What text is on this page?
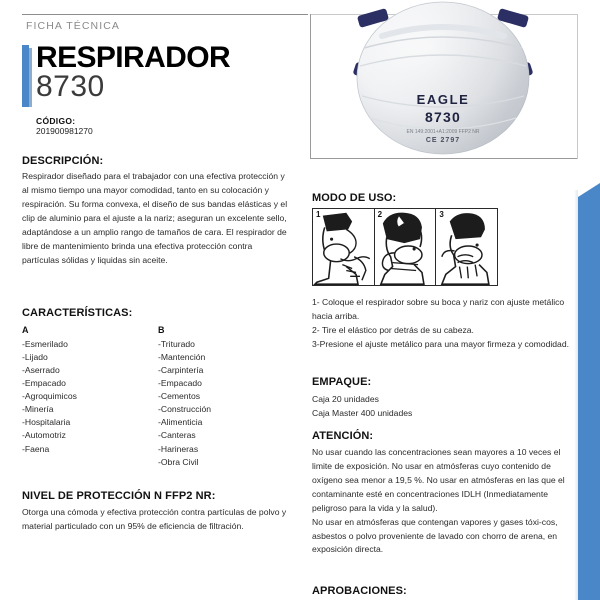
EAGLE
8730
EN 149:2001+A1:2009 FFP2 NR
CE 2797
FICHA TÉCNICA
RESPIRADOR
8730
CÓDIGO:
201900981270
DESCRIPCIÓN:
Respirador diseñado para el trabajador con una efectiva protección y al mismo tiempo una mayor comodidad, tanto en su colocación y respiración. Su forma convexa, el diseño de sus bandas elásticas y el clip de aluminio para el ajuste a la nariz; aseguran un excelente sello, adaptándose a un amplio rango de tamaños de cara. El respirador de libre de mantenimiento brinda una efectiva protección contra partículas sólidas y liquidas sin aceite.
CARACTERÍSTICAS:
A
-Esmerilado
-Lijado
-Aserrado
-Empacado
-Agroquimicos
-Minería
-Hospitalaria
-Automotriz
-Faena
B
-Triturado
-Mantención
-Carpintería
-Empacado
-Cementos
-Construcción
-Alimenticia
-Canteras
-Harineras
-Obra Civil
NIVEL DE PROTECCIÓN N FFP2 NR:
Otorga una cómoda y efectiva protección contra partículas de polvo y material particulado con un 95% de eficiencia de filtración.
MODO DE USO:
1	2	3
1- Coloque el respirador sobre su boca y nariz con ajuste metálico hacia arriba.
2- Tire el elástico por detrás de su cabeza.
3-Presione el ajuste metálico para una mayor firmeza y comodidad.
EMPAQUE:
Caja 20 unidades
Caja Master 400 unidades
ATENCIÓN:

No usar cuando las concentraciones sean mayores a 10 veces el limite de exposición. No usar en atmósferas cuyo contenido de oxígeno sea menor a 19,5 %. No usar en atmósferas en las que el contaminante esté en concentraciones IDLH (Inmediatamente peligroso para la vida y la salud).

No usar en atmósferas que contengan vapores y gases tóxi-cos, asbestos o polvo proveniente de lavado con chorro de arena, en exposición directa.

APROBACIONES:
